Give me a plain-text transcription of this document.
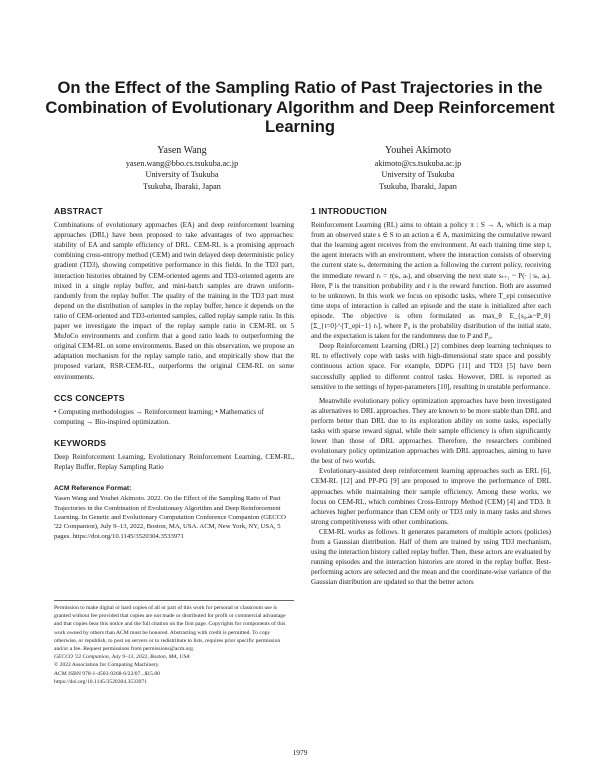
On the Effect of the Sampling Ratio of Past Trajectories in the Combination of Evolutionary Algorithm and Deep Reinforcement Learning
Yasen Wang
yasen.wang@bbo.cs.tsukuba.ac.jp
University of Tsukuba
Tsukuba, Ibaraki, Japan
Youhei Akimoto
akimoto@cs.tsukuba.ac.jp
University of Tsukuba
Tsukuba, Ibaraki, Japan
ABSTRACT

Combinations of evolutionary approaches (EA) and deep reinforcement learning approaches (DRL) have been proposed to take advantages of two approaches: stability of EA and sample efficiency of DRL. CEM-RL is a promising approach combining cross-entropy method (CEM) and twin delayed deep deterministic policy gradient (TD3), showing competitive performance in this fields. In the TD3 part, interaction histories obtained by CEM-oriented agents and TD3-oriented agents are mixed in a single replay buffer, and mini-batch samples are drawn uniform-randomly from the replay buffer. The quality of the training in the TD3 part must depend on the distribution of samples in the replay buffer, hence it depends on the ratio of CEM-oriented and TD3-oriented samples, called replay sample ratio. In this paper we investigate the impact of the replay sample ratio in CEM-RL on 5 MuJoCo environments and confirm that a good ratio leads to outperforming the original CEM-RL on some environments. Based on this observation, we propose an adaptation mechanism for the replay sample ratio, and empirically show that the proposed variant, RSR-CEM-RL, outperforms the original CEM-RL on some environments.

CCS CONCEPTS

• Computing methodologies → Reinforcement learning; • Mathematics of computing → Bio-inspired optimization.

KEYWORDS

Deep Reinforcement Learning, Evolutionary Reinforcement Learning, CEM-RL, Replay Buffer, Replay Sampling Ratio

ACM Reference Format:

Yasen Wang and Youhei Akimoto. 2022. On the Effect of the Sampling Ratio of Past Trajectories in the Combination of Evolutionary Algorithm and Deep Reinforcement Learning. In Genetic and Evolutionary Computation Conference Companion (GECCO '22 Companion), July 9–13, 2022, Boston, MA, USA. ACM, New York, NY, USA, 5 pages. https://doi.org/10.1145/3520304.3533971

Permission to make digital or hard copies of all or part of this work for personal or classroom use is granted without fee provided that copies are not made or distributed for profit or commercial advantage and that copies bear this notice and the full citation on the first page. Copyrights for components of this work owned by others than ACM must be honored. Abstracting with credit is permitted. To copy otherwise, or republish, to post on servers or to redistribute to lists, requires prior specific permission and/or a fee. Request permissions from permissions@acm.org.

GECCO '22 Companion, July 9–13, 2022, Boston, MA, USA

© 2022 Association for Computing Machinery.

ACM ISBN 978-1-4503-9268-6/22/07...$15.00

https://doi.org/10.1145/3520304.3533971

1 INTRODUCTION

Reinforcement Learning (RL) aims to obtain a policy π : S → A, which is a map from an observed state s ∈ S to an action a ∈ A, maximizing the cumulative reward that the learning agent receives from the environment. At each training time step t, the agent interacts with an environment, where the interaction consists of observing the current state sₜ, determining the action aₜ following the current policy, receiving the immediate reward rₜ = r(sₜ, aₜ), and observing the next state sₜ₊₁ ~ P(· | sₜ, aₜ). Here, P is the transition probability and r is the reward function. Both are assumed to be unknown. In this work we focus on episodic tasks, where T_epi consecutive time steps of interaction is called an episode and the state is initialized after each episode. The objective is often formulated as max_θ E_{s₀,aₜ~P_θ}[Σ_{t=0}^{T_epi−1} rₜ], where P₀ is the probability distribution of the initial state, and the expectation is taken for the randomness due to P and P₀.

Deep Reinforcement Learning (DRL) [2] combines deep learning techniques to RL to effectively cope with tasks with high-dimensional state space and possibly continuous action space. For example, DDPG [11] and TD3 [5] have been successfully applied to different control tasks. However, DRL is reported as sensitive to the settings of hyper-parameters [10], resulting in unstable performance.

Meanwhile evolutionary policy optimization approaches have been investigated as alternatives to DRL approaches. They are known to be more stable than DRL and perform better than DRL due to its exploration ability on some tasks, especially tasks with sparse reward signal, while their sample efficiency is often significantly lower than those of DRL approaches. Therefore, the researchers combined evolutionary policy optimization approaches with DRL approaches, aiming to have the best of two worlds.

Evolutionary-assisted deep reinforcement learning approaches such as ERL [6], CEM-RL [12] and PP-PG [9] are proposed to improve the performance of DRL approaches while maintaining their sample efficiency. Among these works, we focus on CEM-RL, which combines Cross-Entropy Method (CEM) [4] and TD3. It achieves higher performance than CEM only or TD3 only in many tasks and shows strong competitiveness with other combinations.

CEM-RL works as follows. It generates parameters of multiple actors (policies) from a Gaussian distribution. Half of them are trained by using TD3 mechanism, using the interaction history called replay buffer. Then, these actors are evaluated by running episodes and the interaction histories are stored in the replay buffer. Best-performing actors are selected and the mean and the coordinate-wise variance of the Gaussian distribution are updated so that the better actors

1979
